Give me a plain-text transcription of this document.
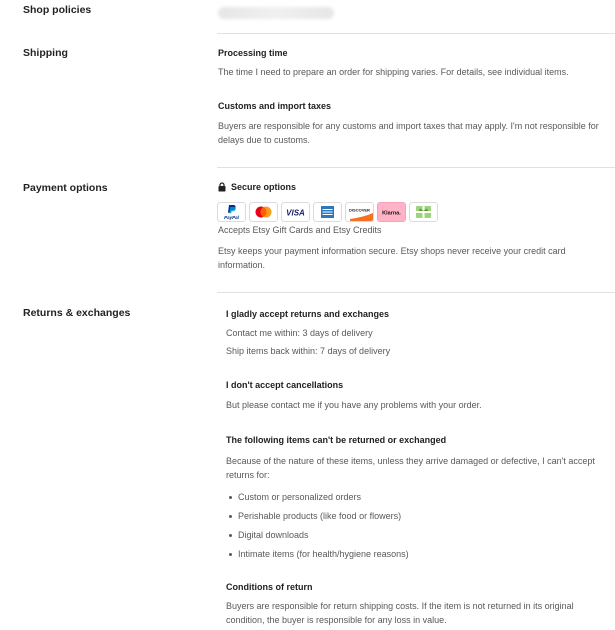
Shop policies
Shipping	Processing time
The time I need to prepare an order for shipping varies. For details, see individual items.
Customs and import taxes
Buyers are responsible for any customs and import taxes that may apply. I'm not responsible for
delays due to customs.
Payment options	Secure options
PayPal	VISA	DISCOVER
Klarna.
Accepts Etsy Gift Cards and Etsy Credits
Etsy keeps your payment information secure. Etsy shops never receive your credit card
information.
Returns & exchanges	I gladly accept returns and exchanges
Contact me within: 3 days of delivery
Ship items back within: 7 days of delivery
I don't accept cancellations
But please contact me if you have any problems with your order.
The following items can't be returned or exchanged
Because of the nature of these items, unless they arrive damaged or defective, I can't accept
returns for:
Custom or personalized orders
Perishable products (like food or flowers)
Digital downloads
Intimate items (for health/hygiene reasons)
Conditions of return
Buyers are responsible for return shipping costs. If the item is not returned in its original
condition, the buyer is responsible for any loss in value.
